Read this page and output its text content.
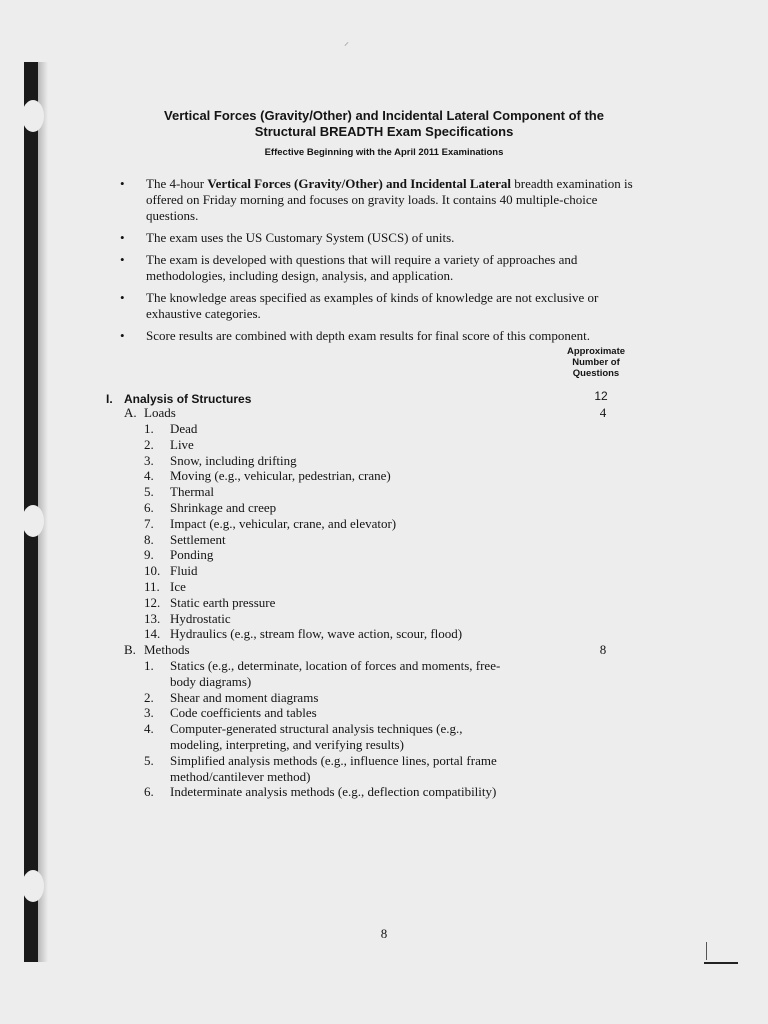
⸝
Vertical Forces (Gravity/Other) and Incidental Lateral Component of the
Structural BREADTH Exam Specifications
Effective Beginning with the April 2011 Examinations
• The 4-hour Vertical Forces (Gravity/Other) and Incidental Lateral breadth examination is offered on Friday morning and focuses on gravity loads. It contains 40 multiple-choice questions.
• The exam uses the US Customary System (USCS) of units.
• The exam is developed with questions that will require a variety of approaches and methodologies, including design, analysis, and application.
• The knowledge areas specified as examples of kinds of knowledge are not exclusive or exhaustive categories.
• Score results are combined with depth exam results for final score of this component.
Approximate
Number of
Questions
I. Analysis of Structures	12
A. Loads	4
1.	Dead
2.	Live
3.	Snow, including drifting
4.	Moving (e.g., vehicular, pedestrian, crane)
5.	Thermal
6.	Shrinkage and creep
7.	Impact (e.g., vehicular, crane, and elevator)
8.	Settlement
9.	Ponding
10. Fluid
11. Ice
12. Static earth pressure
13. Hydrostatic
14. Hydraulics (e.g., stream flow, wave action, scour, flood)
B. Methods	8
1.	Statics (e.g., determinate, location of forces and moments, free-body diagrams)
2.	Shear and moment diagrams
3.	Code coefficients and tables
4.	Computer-generated structural analysis techniques (e.g., modeling, interpreting, and verifying results)
5.	Simplified analysis methods (e.g., influence lines, portal frame method/cantilever method)
6.	Indeterminate analysis methods (e.g., deflection compatibility)
8
